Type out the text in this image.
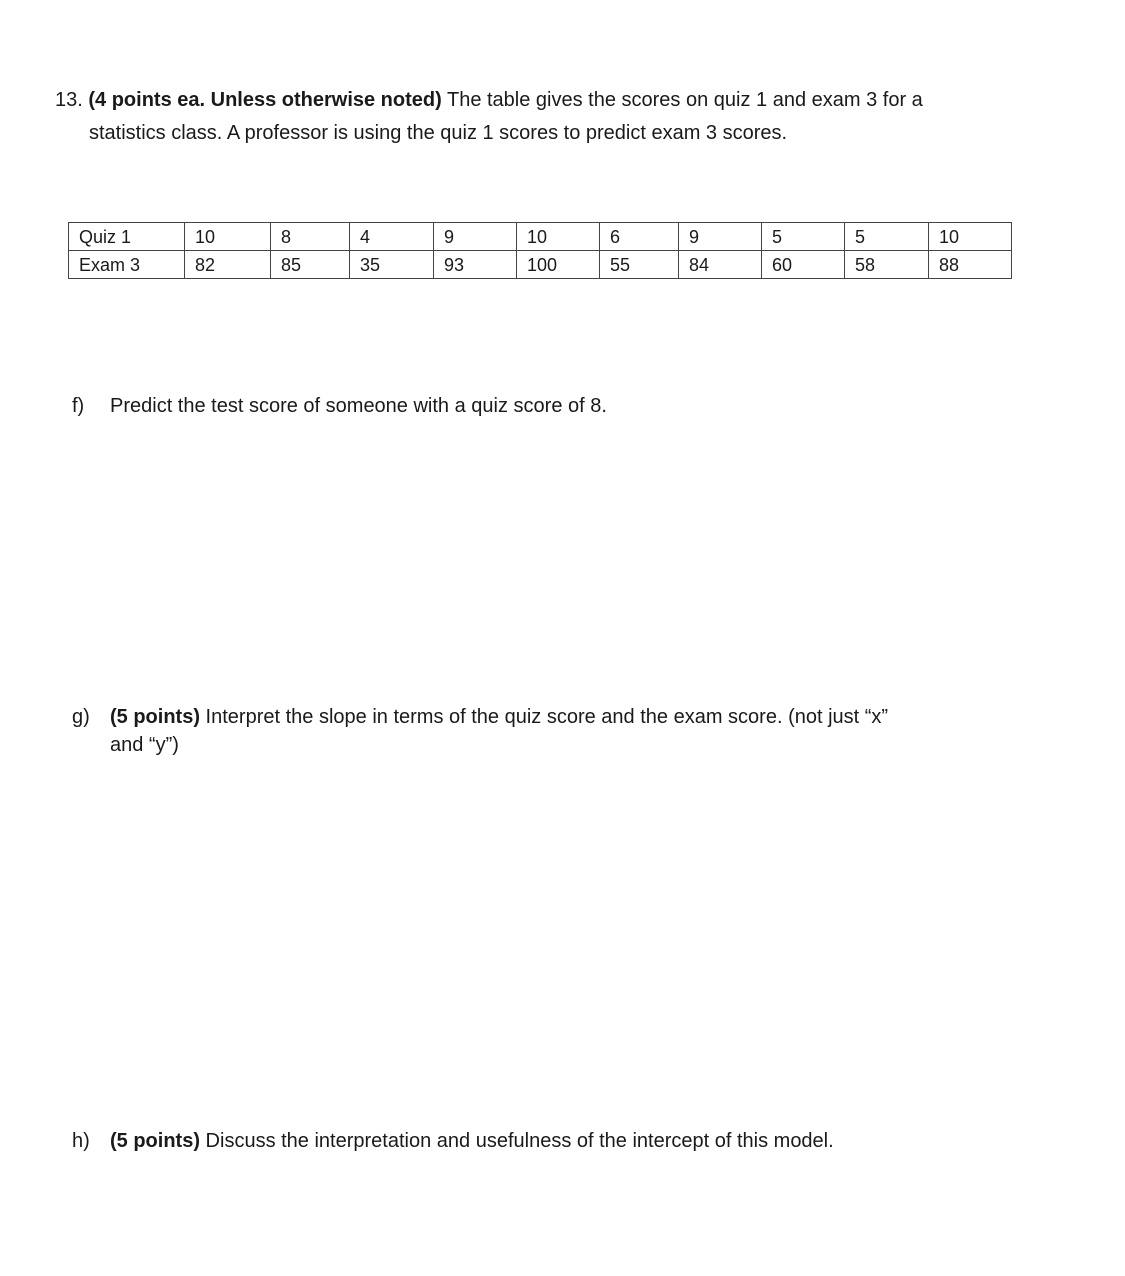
13. (4 points ea. Unless otherwise noted) The table gives the scores on quiz 1 and exam 3 for a
statistics class. A professor is using the quiz 1 scores to predict exam 3 scores.
Quiz 1	10	8	4	9	10	6	9	5	5	10
Exam 3	82	85	35	93	100	55	84	60	58	88
f) Predict the test score of someone with a quiz score of 8.
g) (5 points) Interpret the slope in terms of the quiz score and the exam score. (not just “x”
and “y”)
h) (5 points) Discuss the interpretation and usefulness of the intercept of this model.
